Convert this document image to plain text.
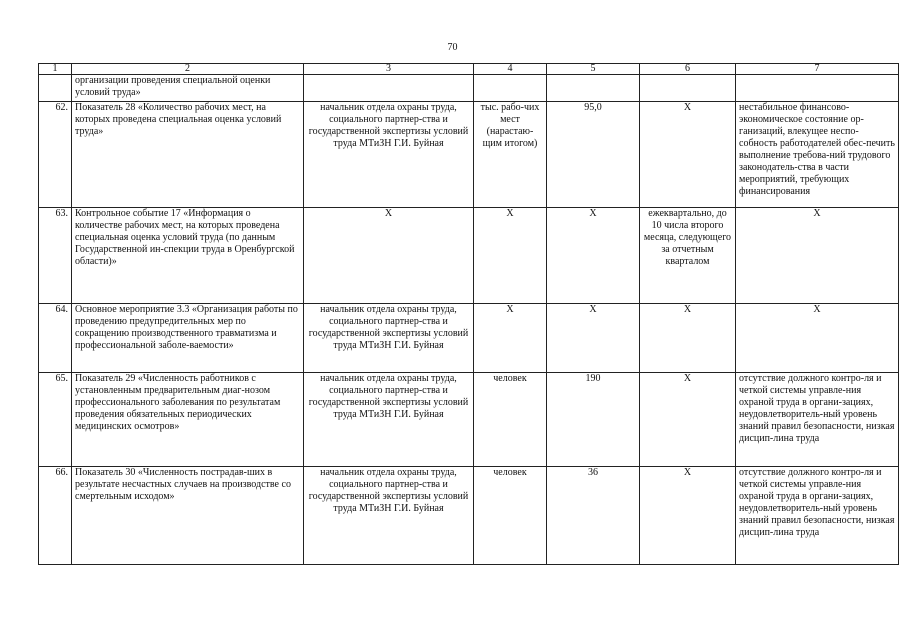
70
1	2	3	4	5	6	7
	организации проведения специальной оценки условий труда»					
62.	Показатель 28 «Количество рабочих мест, на которых проведена специальная оценка условий труда»	начальник отдела охраны труда, социального партнер-ства и государственной экспертизы условий труда МТиЗН Г.И. Буйная	тыс. рабо-чих мест (нарастаю-щим итогом)	95,0	Х	нестабильное финансово-экономическое состояние ор-ганизаций, влекущее неспо-собность работодателей обес-печить выполнение требова-ний трудового законодатель-ства в части мероприятий, требующих финансирования
63.	Контрольное событие 17 «Информация о количестве рабочих мест, на которых проведена специальная оценка условий труда (по данным Государственной ин-спекции труда в Оренбургской области)»	Х	Х	Х	ежеквартально, до 10 числа второго месяца, следующего за отчетным кварталом	Х
64.	Основное мероприятие 3.3 «Организация работы по проведению предупредительных мер по сокращению производственного травматизма и профессиональной заболе-ваемости»	начальник отдела охраны труда, социального партнер-ства и государственной экспертизы условий труда МТиЗН Г.И. Буйная	Х	Х	Х	Х
65.	Показатель 29 «Численность работников с установленным предварительным диаг-нозом профессионального заболевания по результатам проведения обязательных периодических медицинских осмотров»	начальник отдела охраны труда, социального партнер-ства и государственной экспертизы условий труда МТиЗН Г.И. Буйная	человек	190	Х	отсутствие должного контро-ля и четкой системы управле-ния охраной труда в органи-зациях, неудовлетворитель-ный уровень знаний правил безопасности, низкая дисцип-лина труда
66.	Показатель 30 «Численность пострадав-ших в результате несчастных случаев на производстве со смертельным исходом»	начальник отдела охраны труда, социального партнер-ства и государственной экспертизы условий труда МТиЗН Г.И. Буйная	человек	36	Х	отсутствие должного контро-ля и четкой системы управле-ния охраной труда в органи-зациях, неудовлетворитель-ный уровень знаний правил безопасности, низкая дисцип-лина труда
